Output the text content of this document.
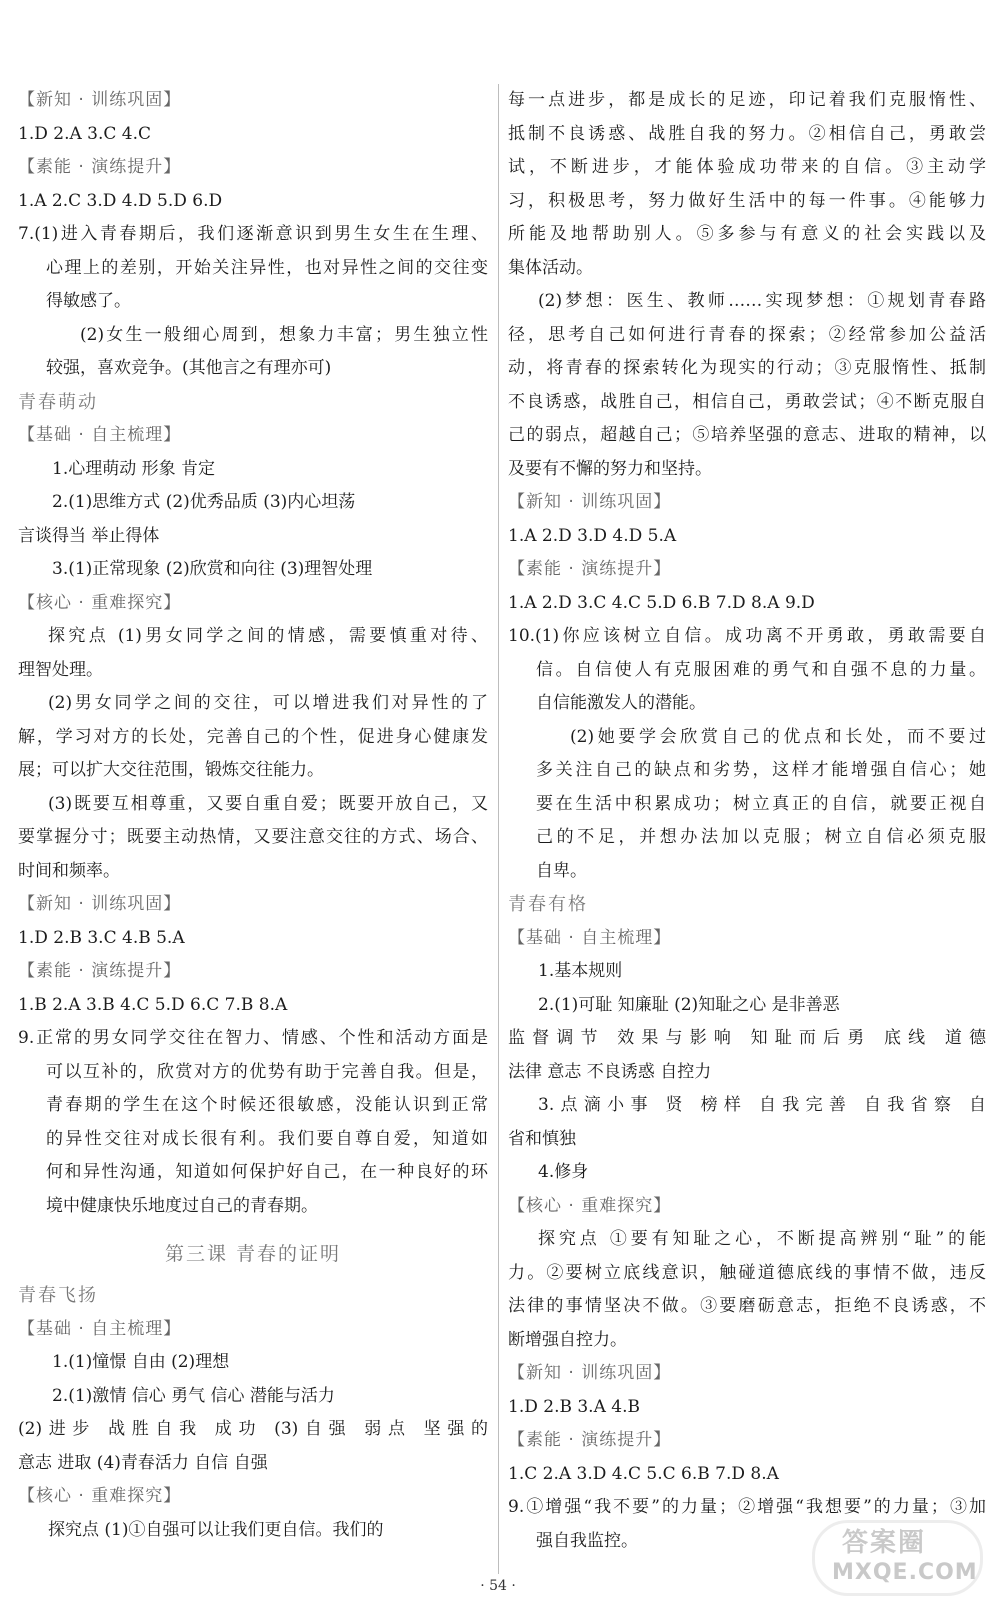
【新知 · 训练巩固】
1.D 2.A 3.C 4.C
【素能 · 演练提升】
1.A 2.C 3.D 4.D 5.D 6.D
7.(1)进入青春期后，我们逐渐意识到男生女生在生理、
心理上的差别，开始关注异性，也对异性之间的交往变
得敏感了。
(2)女生一般细心周到，想象力丰富；男生独立性
较强，喜欢竞争。(其他言之有理亦可)
青春萌动
【基础 · 自主梳理】
1.心理萌动 形象 肯定
2.(1)思维方式 (2)优秀品质 (3)内心坦荡
言谈得当 举止得体
3.(1)正常现象 (2)欣赏和向往 (3)理智处理
【核心 · 重难探究】
探究点 (1)男女同学之间的情感，需要慎重对待、
理智处理。
(2)男女同学之间的交往，可以增进我们对异性的了
解，学习对方的长处，完善自己的个性，促进身心健康发
展；可以扩大交往范围，锻炼交往能力。
(3)既要互相尊重，又要自重自爱；既要开放自己，又
要掌握分寸；既要主动热情，又要注意交往的方式、场合、
时间和频率。
【新知 · 训练巩固】
1.D 2.B 3.C 4.B 5.A
【素能 · 演练提升】
1.B 2.A 3.B 4.C 5.D 6.C 7.B 8.A
9.正常的男女同学交往在智力、情感、个性和活动方面是
可以互补的，欣赏对方的优势有助于完善自我。但是，
青春期的学生在这个时候还很敏感，没能认识到正常
的异性交往对成长很有利。我们要自尊自爱，知道如
何和异性沟通，知道如何保护好自己，在一种良好的环
境中健康快乐地度过自己的青春期。
第三课 青春的证明
青春飞扬
【基础 · 自主梳理】
1.(1)憧憬 自由 (2)理想
2.(1)激情 信心 勇气 信心 潜能与活力
(2)进步 战胜自我 成功 (3)自强 弱点 坚强的
意志 进取 (4)青春活力 自信 自强
【核心 · 重难探究】
探究点 (1)①自强可以让我们更自信。我们的
每一点进步，都是成长的足迹，印记着我们克服惰性、
抵制不良诱惑、战胜自我的努力。②相信自己，勇敢尝
试，不断进步，才能体验成功带来的自信。③主动学
习，积极思考，努力做好生活中的每一件事。④能够力
所能及地帮助别人。⑤多参与有意义的社会实践以及
集体活动。
(2)梦想：医生、教师……实现梦想：①规划青春路
径，思考自己如何进行青春的探索；②经常参加公益活
动，将青春的探索转化为现实的行动；③克服惰性、抵制
不良诱惑，战胜自己，相信自己，勇敢尝试；④不断克服自
己的弱点，超越自己；⑤培养坚强的意志、进取的精神，以
及要有不懈的努力和坚持。
【新知 · 训练巩固】
1.A 2.D 3.D 4.D 5.A
【素能 · 演练提升】
1.A 2.D 3.C 4.C 5.D 6.B 7.D 8.A 9.D
10.(1)你应该树立自信。成功离不开勇敢，勇敢需要自
信。自信使人有克服困难的勇气和自强不息的力量。
自信能激发人的潜能。
(2)她要学会欣赏自己的优点和长处，而不要过
多关注自己的缺点和劣势，这样才能增强自信心；她
要在生活中积累成功；树立真正的自信，就要正视自
己的不足，并想办法加以克服；树立自信必须克服
自卑。
青春有格
【基础 · 自主梳理】
1.基本规则
2.(1)可耻 知廉耻 (2)知耻之心 是非善恶
监督调节 效果与影响 知耻而后勇 底线 道德
法律 意志 不良诱惑 自控力
3.点滴小事 贤 榜样 自我完善 自我省察 自
省和慎独
4.修身
【核心 · 重难探究】
探究点 ①要有知耻之心，不断提高辨别“耻”的能
力。②要树立底线意识，触碰道德底线的事情不做，违反
法律的事情坚决不做。③要磨砺意志，拒绝不良诱惑，不
断增强自控力。
【新知 · 训练巩固】
1.D 2.B 3.A 4.B
【素能 · 演练提升】
1.C 2.A 3.D 4.C 5.C 6.B 7.D 8.A
9.①增强“我不要”的力量；②增强“我想要”的力量；③加
强自我监控。
· 54 ·
答案圈
MXQE.COM
